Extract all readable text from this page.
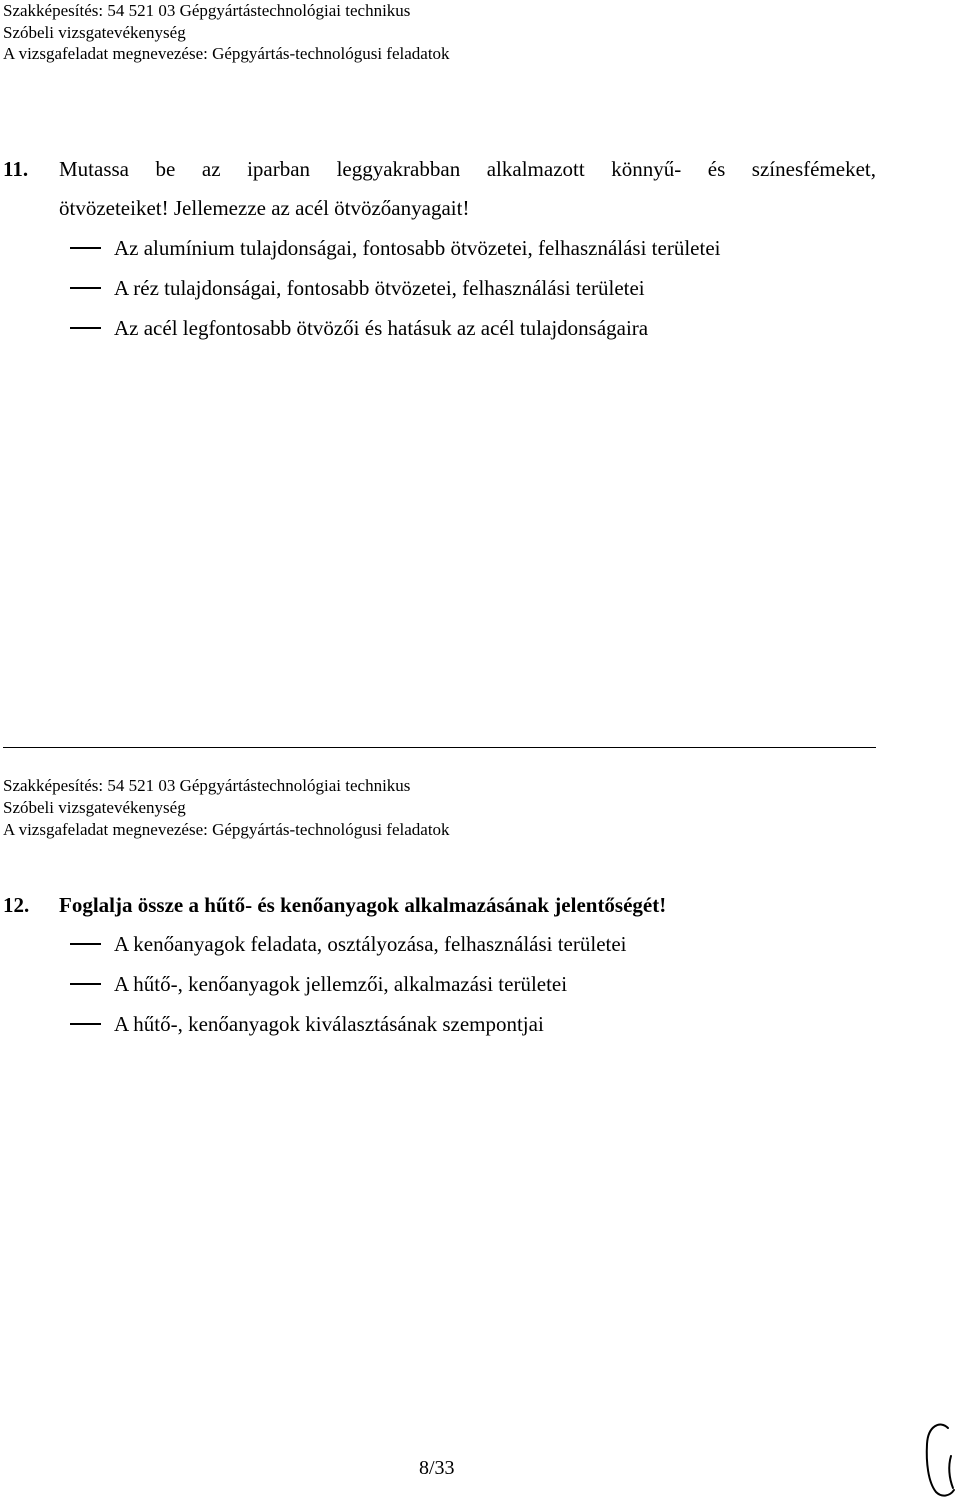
Szakképesítés: 54 521 03 Gépgyártástechnológiai technikus
Szóbeli vizsgatevékenység
A vizsgafeladat megnevezése: Gépgyártás-technológusi feladatok
11. Mutassa be az iparban leggyakrabban alkalmazott könnyű- és színesfémeket,
ötvözeteiket! Jellemezze az acél ötvözőanyagait!
Az alumínium tulajdonságai, fontosabb ötvözetei, felhasználási területei
A réz tulajdonságai, fontosabb ötvözetei, felhasználási területei
Az acél legfontosabb ötvözői és hatásuk az acél tulajdonságaira
Szakképesítés: 54 521 03 Gépgyártástechnológiai technikus
Szóbeli vizsgatevékenység
A vizsgafeladat megnevezése: Gépgyártás-technológusi feladatok
12. Foglalja össze a hűtő- és kenőanyagok alkalmazásának jelentőségét!
A kenőanyagok feladata, osztályozása, felhasználási területei
A hűtő-, kenőanyagok jellemzői, alkalmazási területei
A hűtő-, kenőanyagok kiválasztásának szempontjai
8/33
